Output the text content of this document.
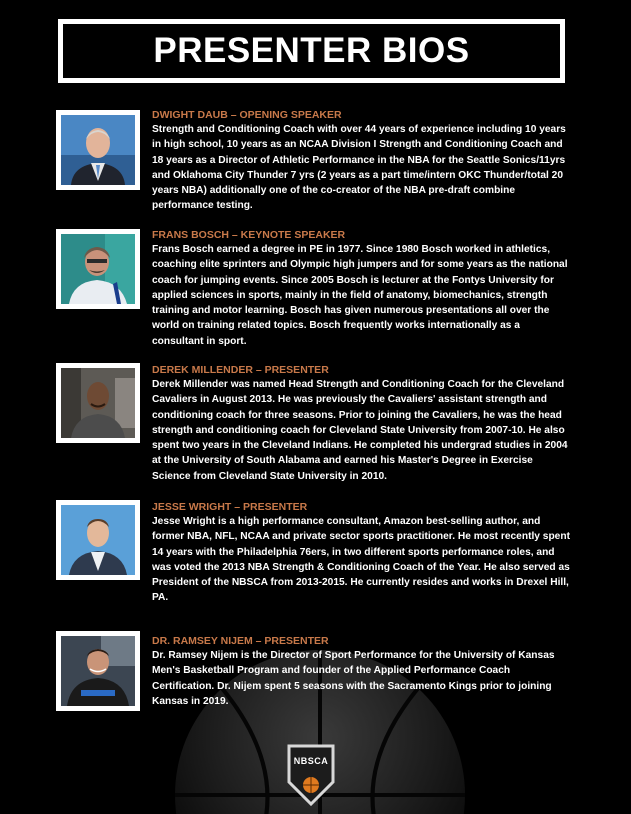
PRESENTER BIOS
DWIGHT DAUB – OPENING SPEAKER

Strength and Conditioning Coach with over 44 years of experience including 10 years in high school, 10 years as an NCAA Division I Strength and Conditioning Coach and 18 years as a Director of Athletic Performance in the NBA for the Seattle Sonics/11yrs and Oklahoma City Thunder 7 yrs (2 years as a part time/intern OKC Thunder/total 20 years NBA) additionally one of the co-creator of the NBA pre-draft combine performance testing.

FRANS BOSCH – KEYNOTE SPEAKER

Frans Bosch earned a degree in PE in 1977. Since 1980 Bosch worked in athletics, coaching elite sprinters and Olympic high jumpers and for some years as the national coach for jumping events. Since 2005 Bosch is lecturer at the Fontys University for applied sciences in sports, mainly in the field of anatomy, biomechanics, strength training and motor learning. Bosch has given numerous presentations all over the world on training related topics. Bosch frequently works internationally as a consultant in sport.

DEREK MILLENDER – PRESENTER

Derek Millender was named Head Strength and Conditioning Coach for the Cleveland Cavaliers in August 2013. He was previously the Cavaliers' assistant strength and conditioning coach for three seasons. Prior to joining the Cavaliers, he was the head strength and conditioning coach for Cleveland State University from 2007-10. He also spent two years in the Cleveland Indians. He completed his undergrad studies in 2004 at the University of South Alabama and earned his Master's Degree in Exercise Science from Cleveland State University in 2010.

JESSE WRIGHT – PRESENTER

Jesse Wright is a high performance consultant, Amazon best-selling author, and former NBA, NFL, NCAA and private sector sports practitioner. He most recently spent 14 years with the Philadelphia 76ers, in two different sports performance roles, and was voted the 2013 NBA Strength & Conditioning Coach of the Year. He also served as President of the NBSCA from 2013-2015. He currently resides and works in Drexel Hill, PA.

DR. RAMSEY NIJEM – PRESENTER

Dr. Ramsey Nijem is the Director of Sport Performance for the University of Kansas Men's Basketball Program and founder of the Applied Performance Coach Certification. Dr. Nijem spent 5 seasons with the Sacramento Kings prior to joining Kansas in 2019.

NBSCA
